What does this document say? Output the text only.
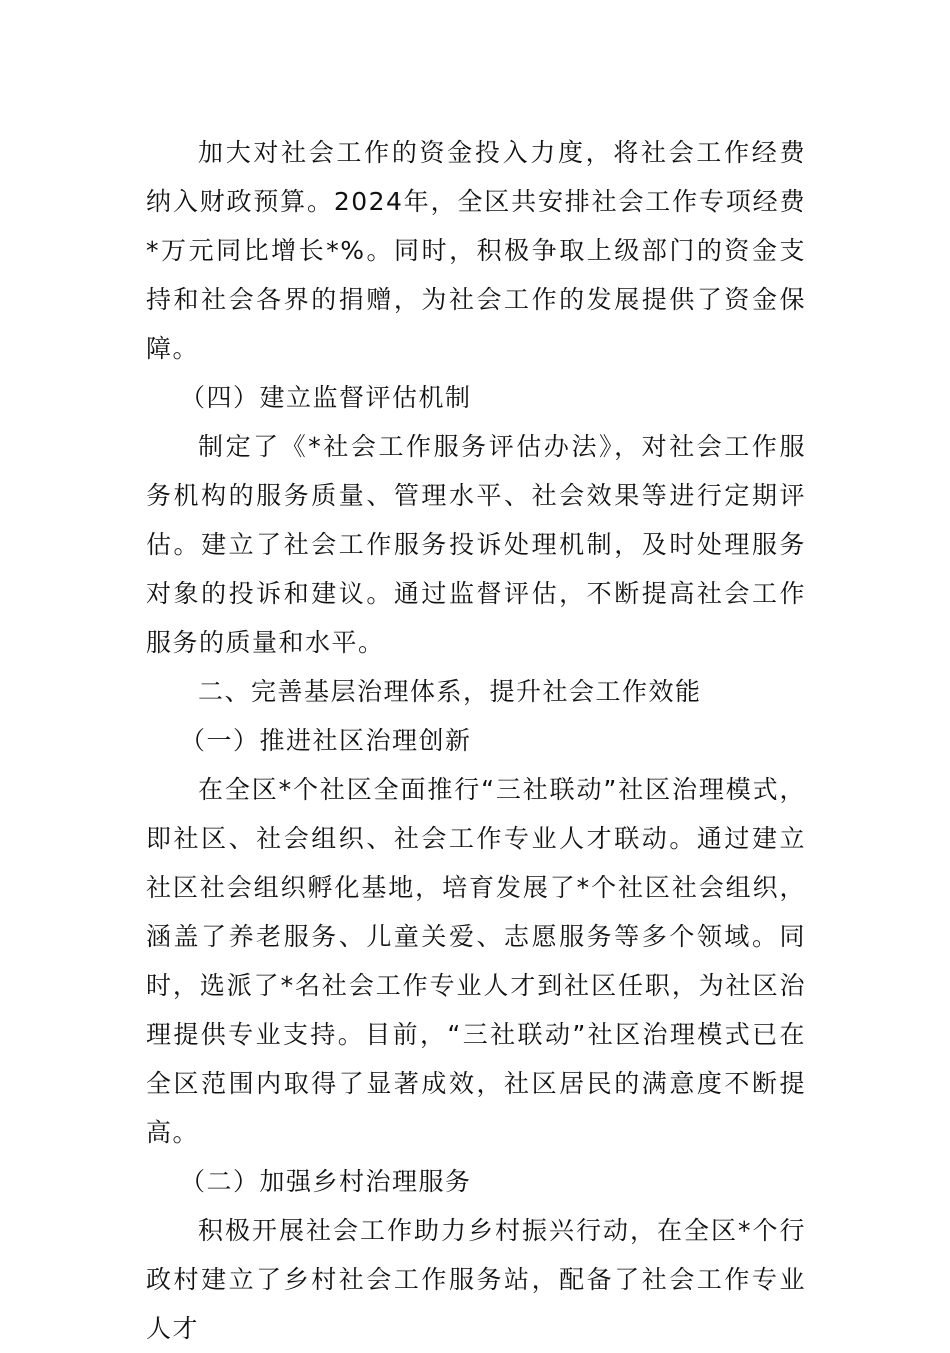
加大对社会工作的资金投入力度，将社会工作经费纳入财政预算。2024年，全区共安排社会工作专项经费*万元同比增长*%。同时，积极争取上级部门的资金支持和社会各界的捐赠，为社会工作的发展提供了资金保障。

（四）建立监督评估机制

制定了《*社会工作服务评估办法》，对社会工作服务机构的服务质量、管理水平、社会效果等进行定期评估。建立了社会工作服务投诉处理机制，及时处理服务对象的投诉和建议。通过监督评估，不断提高社会工作服务的质量和水平。

二、完善基层治理体系，提升社会工作效能

（一）推进社区治理创新

在全区*个社区全面推行“三社联动”社区治理模式，即社区、社会组织、社会工作专业人才联动。通过建立社区社会组织孵化基地，培育发展了*个社区社会组织，涵盖了养老服务、儿童关爱、志愿服务等多个领域。同时，选派了*名社会工作专业人才到社区任职，为社区治理提供专业支持。目前，“三社联动”社区治理模式已在全区范围内取得了显著成效，社区居民的满意度不断提高。

（二）加强乡村治理服务

积极开展社会工作助力乡村振兴行动，在全区*个行政村建立了乡村社会工作服务站，配备了社会工作专业人才
